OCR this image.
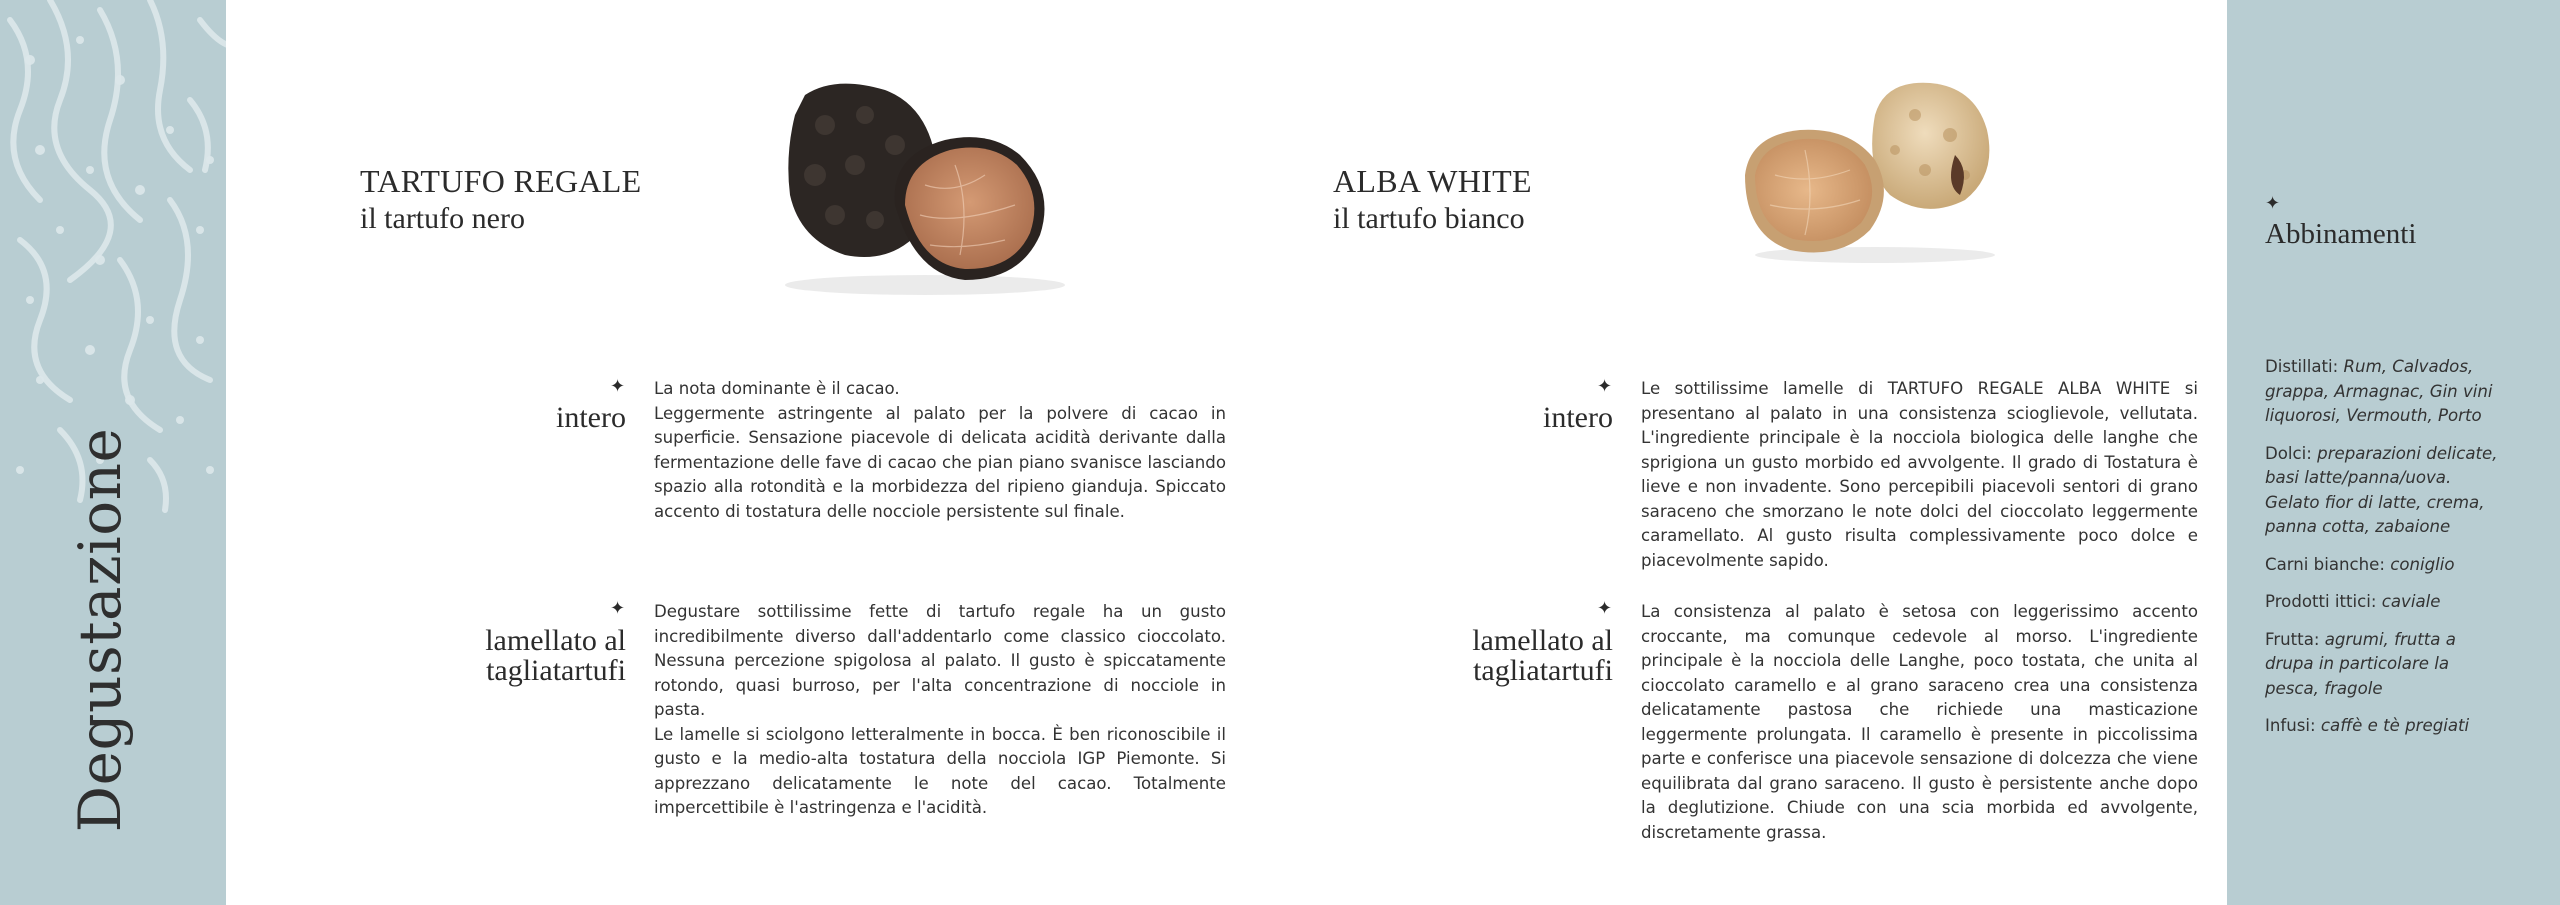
Degustazione
TARTUFO REGALE
il tartufo nero
ALBA WHITE
il tartufo bianco
✦
intero

La nota dominante è il cacao.

Leggermente astringente al palato per la polvere di cacao in superficie. Sensazione piacevole di delicata acidità derivante dalla fermentazione delle fave di cacao che pian piano svanisce lasciando spazio alla rotondità e la morbidezza del ripieno gianduja. Spiccato accento di tostatura delle nocciole persistente sul finale.

✦
lamellato al
tagliatartufi

Degustare sottilissime fette di tartufo regale ha un gusto incredibilmente diverso dall'addentarlo come classico cioccolato. Nessuna percezione spigolosa al palato. Il gusto è spiccatamente rotondo, quasi burroso, per l'alta concentrazione di nocciole in pasta.

Le lamelle si sciolgono letteralmente in bocca. È ben riconoscibile il gusto e la medio-alta tostatura della nocciola IGP Piemonte. Si apprezzano delicatamente le note del cacao. Totalmente impercettibile è l'astringenza e l'acidità.

✦
intero

Le sottilissime lamelle di TARTUFO REGALE ALBA WHITE si presentano al palato in una consistenza scioglievole, vellutata. L'ingrediente principale è la nocciola biologica delle langhe che sprigiona un gusto morbido ed avvolgente. Il grado di Tostatura è lieve e non invadente. Sono percepibili piacevoli sentori di grano saraceno che smorzano le note dolci del cioccolato leggermente caramellato. Al gusto risulta complessivamente poco dolce e piacevolmente sapido.

✦
lamellato al
tagliatartufi

La consistenza al palato è setosa con leggerissimo accento croccante, ma comunque cedevole al morso. L'ingrediente principale è la nocciola delle Langhe, poco tostata, che unita al cioccolato caramello e al grano saraceno crea una consistenza delicatamente pastosa che richiede una masticazione leggermente prolungata. Il caramello è presente in piccolissima parte e conferisce una piacevole sensazione di dolcezza che viene equilibrata dal grano saraceno. Il gusto è persistente anche dopo la deglutizione. Chiude con una scia morbida ed avvolgente, discretamente grassa.

✦
Abbinamenti
Distillati: Rum, Calvados, grappa, Armagnac, Gin vini liquorosi, Vermouth, Porto
Dolci: preparazioni delicate, basi latte/panna/uova. Gelato fior di latte, crema, panna cotta, zabaione
Carni bianche: coniglio
Prodotti ittici: caviale
Frutta: agrumi, frutta a drupa in particolare la pesca, fragole
Infusi: caffè e tè pregiati
